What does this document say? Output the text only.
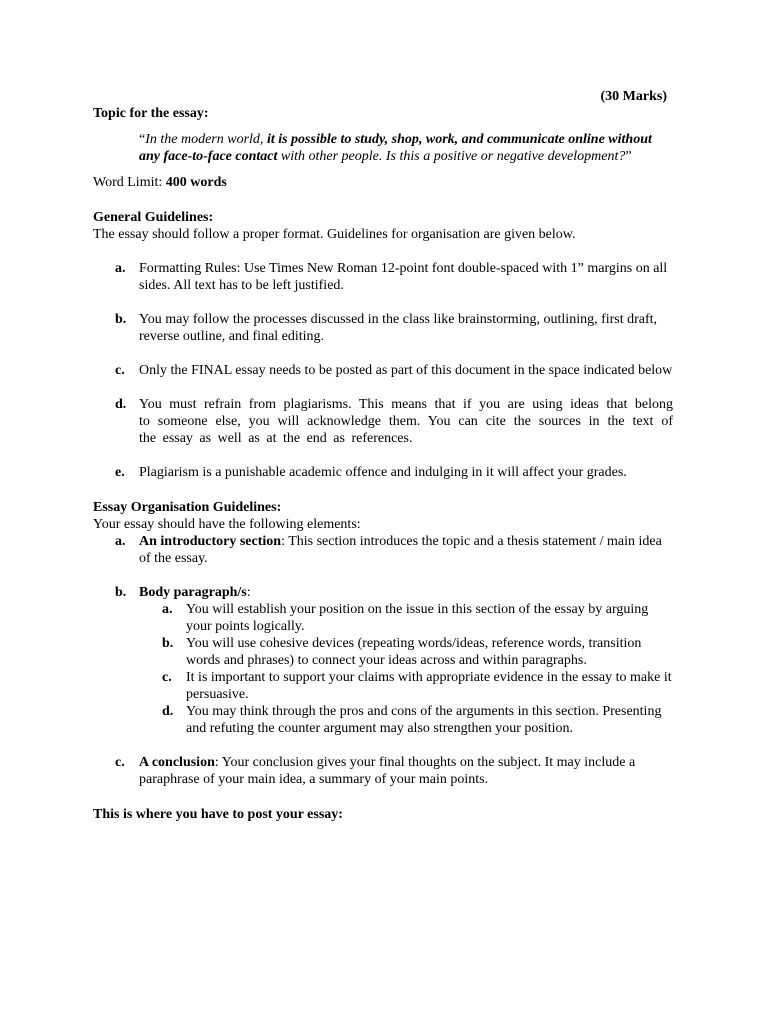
(30 Marks)
Topic for the essay:
“In the modern world, it is possible to study, shop, work, and communicate online without any face-to-face contact with other people. Is this a positive or negative development?”
Word Limit: 400 words
General Guidelines:
The essay should follow a proper format. Guidelines for organisation are given below.
a. Formatting Rules: Use Times New Roman 12-point font double-spaced with 1” margins on all sides. All text has to be left justified.
b. You may follow the processes discussed in the class like brainstorming, outlining, first draft, reverse outline, and final editing.
c. Only the FINAL essay needs to be posted as part of this document in the space indicated below
d. You must refrain from plagiarisms. This means that if you are using ideas that belong to someone else, you will acknowledge them. You can cite the sources in the text of the essay as well as at the end as references.
e. Plagiarism is a punishable academic offence and indulging in it will affect your grades.
Essay Organisation Guidelines:
Your essay should have the following elements:
a. An introductory section: This section introduces the topic and a thesis statement / main idea of the essay.
b. Body paragraph/s:
a. You will establish your position on the issue in this section of the essay by arguing your points logically.
b. You will use cohesive devices (repeating words/ideas, reference words, transition words and phrases) to connect your ideas across and within paragraphs.
c. It is important to support your claims with appropriate evidence in the essay to make it persuasive.
d. You may think through the pros and cons of the arguments in this section. Presenting and refuting the counter argument may also strengthen your position.
c. A conclusion: Your conclusion gives your final thoughts on the subject. It may include a paraphrase of your main idea, a summary of your main points.
This is where you have to post your essay:
